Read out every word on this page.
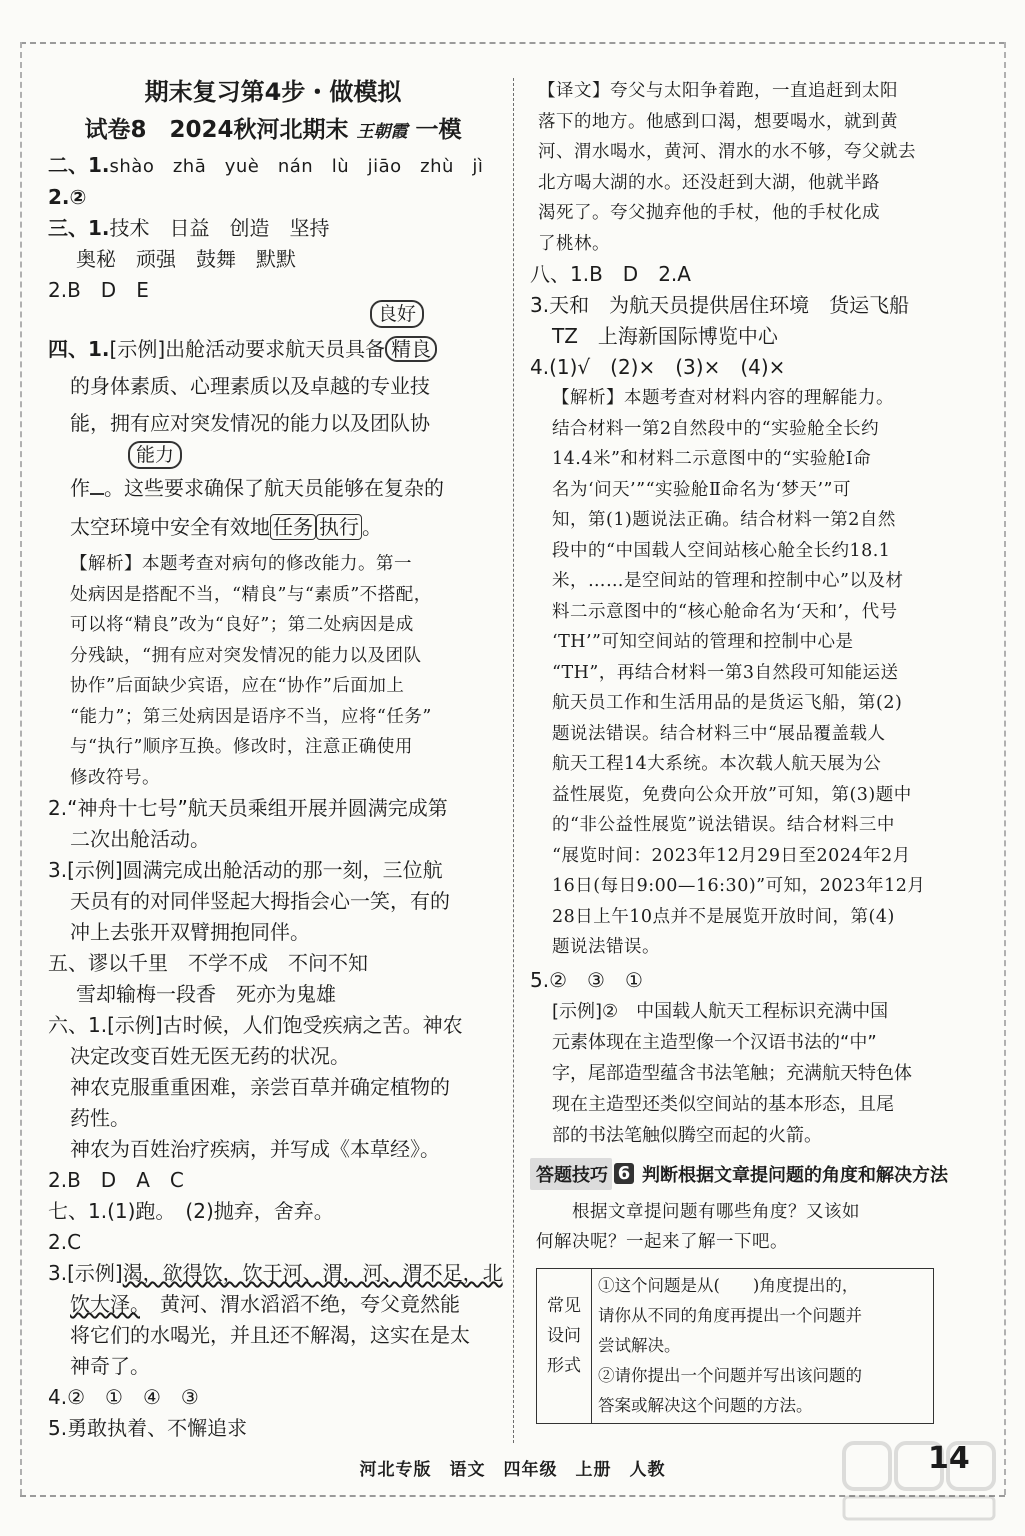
期末复习第4步・做模拟
试卷8　2024秋河北期末 王朝霞 一模
二、1.shào　zhā　yuè　nán　lù　jiāo　zhù　jì
2.②
三、1.技术　日益　创造　坚持
奥秘　顽强　鼓舞　默默
2.B　D　E
良好
四、1.[示例]出舱活动要求航天员具备 精良
的身体素质、心理素质以及卓越的专业技
能，拥有应对突发情况的能力以及团队协
能力
作 。这些要求确保了航天员能够在复杂的
太空环境中安全有效地 任务 执行 。
【解析】本题考查对病句的修改能力。第一
处病因是搭配不当，“精良”与“素质”不搭配，
可以将“精良”改为“良好”；第二处病因是成
分残缺，“拥有应对突发情况的能力以及团队
协作”后面缺少宾语，应在“协作”后面加上
“能力”；第三处病因是语序不当，应将“任务”
与“执行”顺序互换。修改时，注意正确使用
修改符号。
2.“神舟十七号”航天员乘组开展并圆满完成第
二次出舱活动。
3.[示例]圆满完成出舱活动的那一刻，三位航
天员有的对同伴竖起大拇指会心一笑，有的
冲上去张开双臂拥抱同伴。
五、谬以千里　不学不成　不问不知
雪却输梅一段香　死亦为鬼雄
六、1.[示例]古时候，人们饱受疾病之苦。神农
决定改变百姓无医无药的状况。
神农克服重重困难，亲尝百草并确定植物的
药性。
神农为百姓治疗疾病，并写成《本草经》。
2.B　D　A　C
七、1.(1)跑。　(2)抛弃，舍弃。
2.C
3.[示例]渴，欲得饮，饮于河、渭，河、渭不足，北
饮大泽。　黄河、渭水滔滔不绝，夸父竟然能
将它们的水喝光，并且还不解渴，这实在是太
神奇了。
4.②　①　④　③
5.勇敢执着、不懈追求
【译文】夸父与太阳争着跑，一直追赶到太阳
落下的地方。他感到口渴，想要喝水，就到黄
河、渭水喝水，黄河、渭水的水不够，夸父就去
北方喝大湖的水。还没赶到大湖，他就半路
渴死了。夸父抛弃他的手杖，他的手杖化成
了桃林。
八、1.B　D　2.A
3.天和　为航天员提供居住环境　货运飞船
TZ　上海新国际博览中心
4.(1)√　(2)×　(3)×　(4)×
【解析】本题考查对材料内容的理解能力。
结合材料一第2自然段中的“实验舱全长约
14.4米”和材料二示意图中的“实验舱Ⅰ命
名为‘问天’”“实验舱Ⅱ命名为‘梦天’”可
知，第(1)题说法正确。结合材料一第2自然
段中的“中国载人空间站核心舱全长约18.1
米，……是空间站的管理和控制中心”以及材
料二示意图中的“核心舱命名为‘天和’，代号
‘TH’”可知空间站的管理和控制中心是
“TH”，再结合材料一第3自然段可知能运送
航天员工作和生活用品的是货运飞船，第(2)
题说法错误。结合材料三中“展品覆盖载人
航天工程14大系统。本次载人航天展为公
益性展览，免费向公众开放”可知，第(3)题中
的“非公益性展览”说法错误。结合材料三中
“展览时间：2023年12月29日至2024年2月
16日(每日9:00—16:30)”可知，2023年12月
28日上午10点并不是展览开放时间，第(4)
题说法错误。
5.②　③　①
[示例]②　中国载人航天工程标识充满中国
元素体现在主造型像一个汉语书法的“中”
字，尾部造型蕴含书法笔触；充满航天特色体
现在主造型还类似空间站的基本形态，且尾
部的书法笔触似腾空而起的火箭。
答题技巧 6 判断根据文章提问题的角度和解决方法
根据文章提问题有哪些角度？又该如
何解决呢？一起来了解一下吧。
常见
设问
形式

①这个问题是从(　　)角度提出的，
请你从不同的角度再提出一个问题并
尝试解决。
②请你提出一个问题并写出该问题的
答案或解决这个问题的方法。
河北专版　语文　四年级　上册　人教	14
